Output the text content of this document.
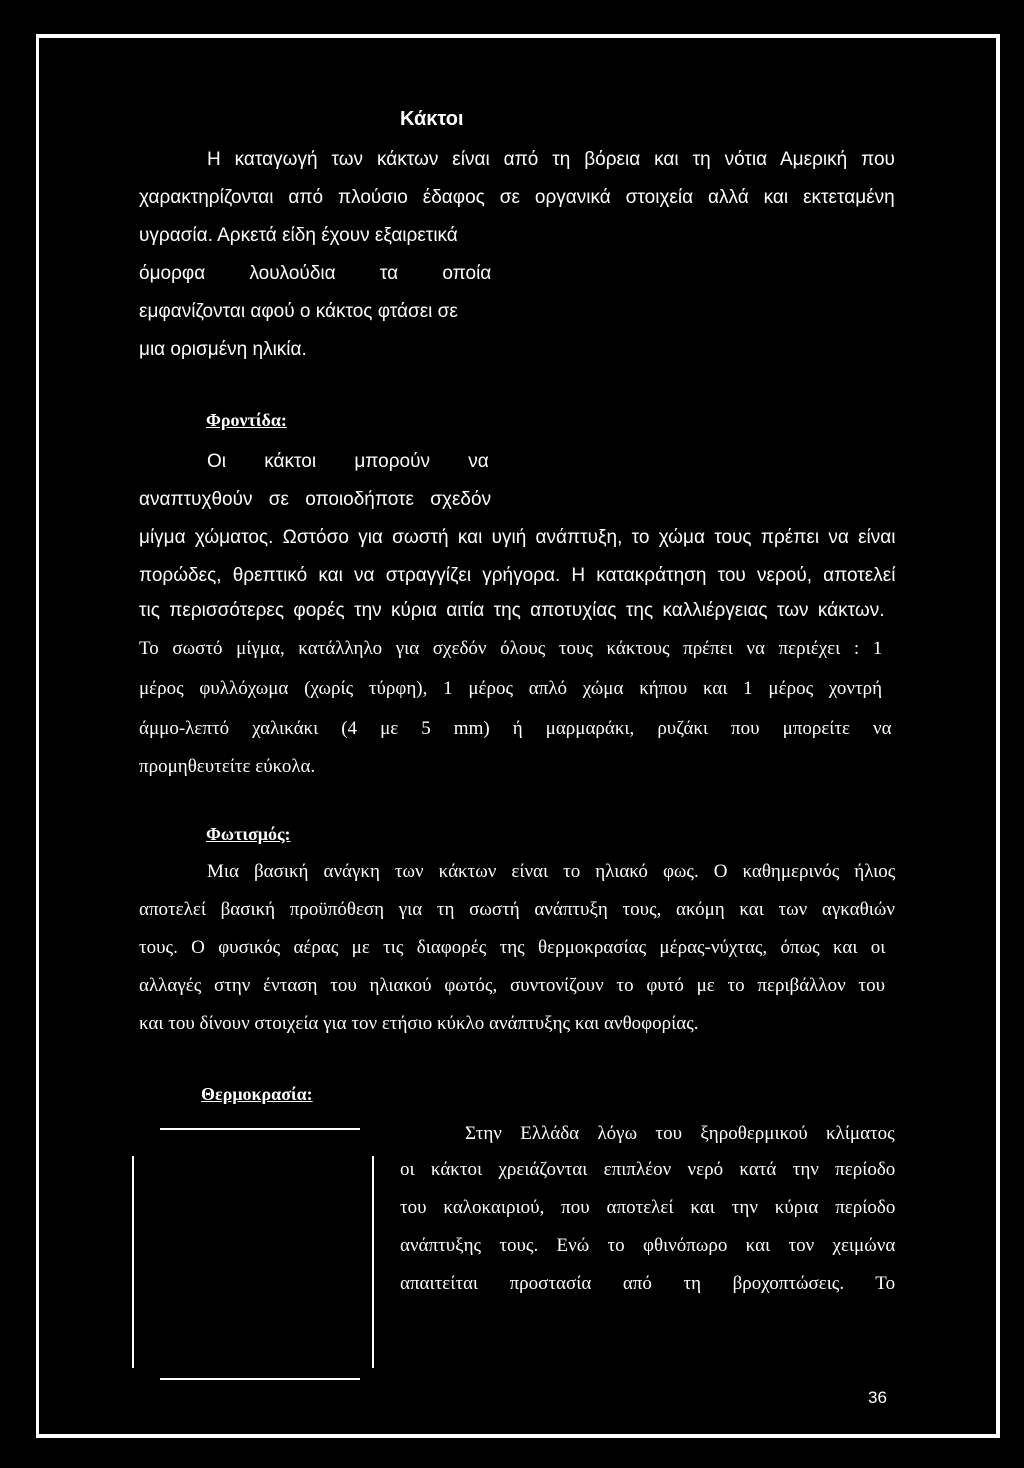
Κάκτοι
Η καταγωγή των κάκτων είναι από τη βόρεια και τη νότια Αμερική που
χαρακτηρίζονται από πλούσιο έδαφος σε οργανικά στοιχεία αλλά και εκτεταμένη
υγρασία. Αρκετά είδη έχουν εξαιρετικά
όμορφα λουλούδια τα οποία
εμφανίζονται αφού ο κάκτος φτάσει σε
μια ορισμένη ηλικία.
Φροντίδα:
Οι κάκτοι μπορούν να
αναπτυχθούν σε οποιοδήποτε σχεδόν
μίγμα χώματος. Ωστόσο για σωστή και υγιή ανάπτυξη, το χώμα τους πρέπει να είναι
πορώδες, θρεπτικό και να στραγγίζει γρήγορα. Η κατακράτηση του νερού, αποτελεί
τις περισσότερες φορές την κύρια αιτία της αποτυχίας της καλλιέργειας των κάκτων.
Το σωστό μίγμα, κατάλληλο για σχεδόν όλους τους κάκτους πρέπει να περιέχει : 1
μέρος φυλλόχωμα (χωρίς τύρφη), 1 μέρος απλό χώμα κήπου και 1 μέρος χοντρή
άμμο-λεπτό χαλικάκι (4 με 5 mm) ή μαρμαράκι, ρυζάκι που μπορείτε να
προμηθευτείτε εύκολα.
Φωτισμός:
Μια βασική ανάγκη των κάκτων είναι το ηλιακό φως. Ο καθημερινός ήλιος
αποτελεί βασική προϋπόθεση για τη σωστή ανάπτυξη τους, ακόμη και των αγκαθιών
τους. Ο φυσικός αέρας με τις διαφορές της θερμοκρασίας μέρας-νύχτας, όπως και οι
αλλαγές στην ένταση του ηλιακού φωτός, συντονίζουν το φυτό με το περιβάλλον του
και του δίνουν στοιχεία για τον ετήσιο κύκλο ανάπτυξης και ανθοφορίας.
Θερμοκρασία:
Στην Ελλάδα λόγω του ξηροθερμικού κλίματος
οι κάκτοι χρειάζονται επιπλέον νερό κατά την περίοδο
του καλοκαιριού, που αποτελεί και την κύρια περίοδο
ανάπτυξης τους. Ενώ το φθινόπωρο και τον χειμώνα
απαιτείται προστασία από τη βροχοπτώσεις. Το
36
